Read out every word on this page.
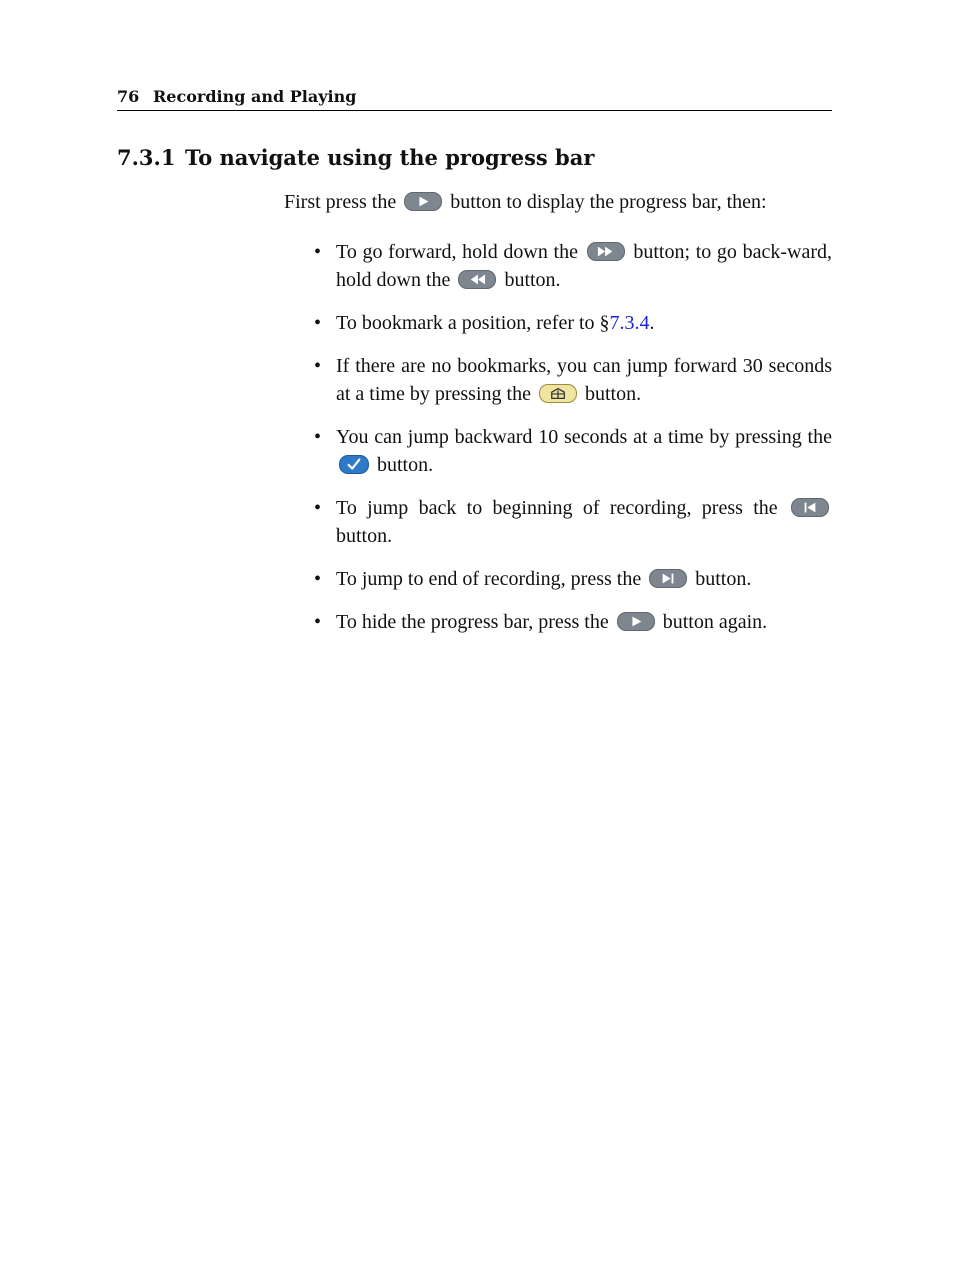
76 Recording and Playing
7.3.1 To navigate using the progress bar

First press the	button to display the progress bar, then:

• To go forward, hold down the	button; to go back-ward, hold down the	button.
• To bookmark a position, refer to §7.3.4.
• If there are no bookmarks, you can jump forward 30 seconds at a time by pressing the	button.
• You can jump backward 10 seconds at a time by pressing the
button.
• To jump back to beginning of recording, press the
button.
• To jump to end of recording, press the	button.
• To hide the progress bar, press the	button again.
